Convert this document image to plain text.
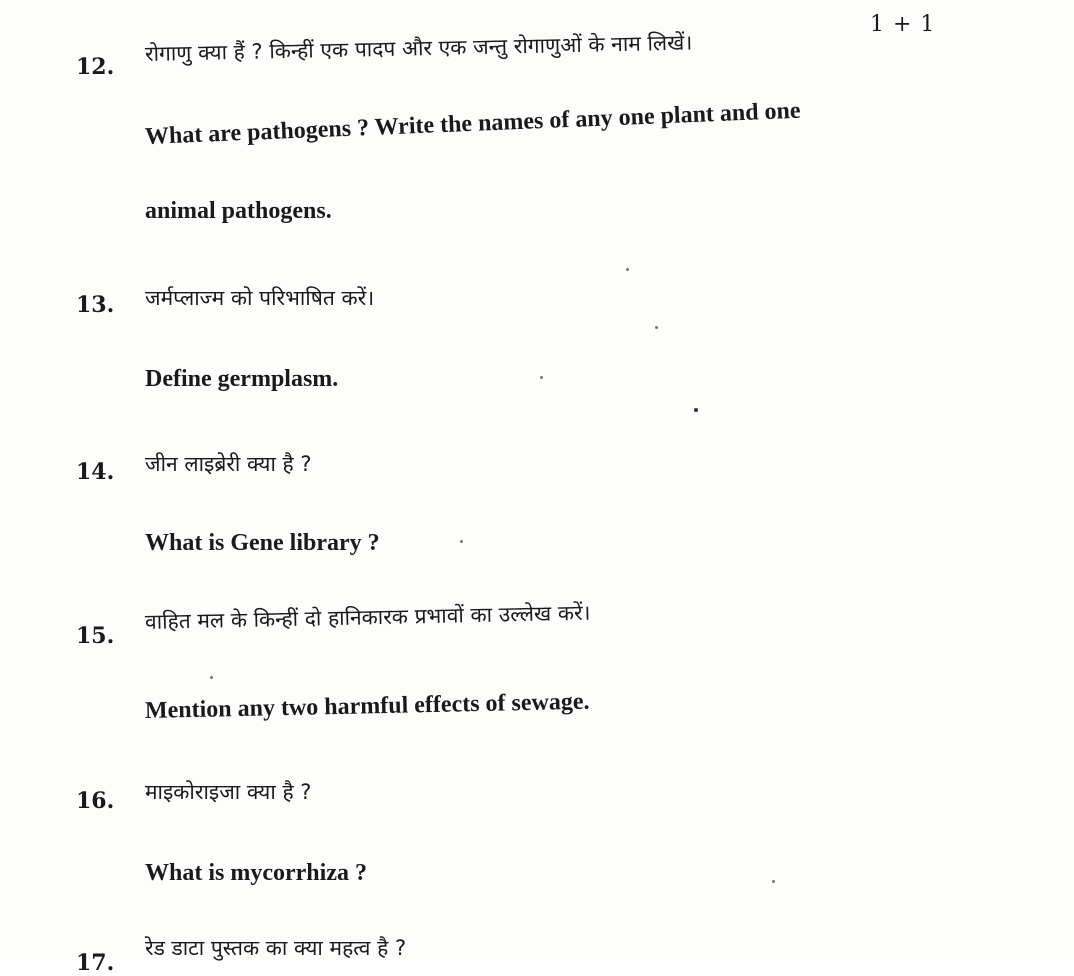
1 + 1
12.
रोगाणु क्या हैं ? किन्हीं एक पादप और एक जन्तु रोगाणुओं के नाम लिखें।
What are pathogens ? Write the names of any one plant and one
animal pathogens.
13. जर्मप्लाज्म को परिभाषित करें।
Define germplasm.
14. जीन लाइब्रेरी क्या है ?
What is Gene library ?
15.
वाहित मल के किन्हीं दो हानिकारक प्रभावों का उल्लेख करें।
Mention any two harmful effects of sewage.
16. माइकोराइजा क्या है ?
What is mycorrhiza ?
17.
रेड डाटा पुस्तक का क्या महत्व है ?
